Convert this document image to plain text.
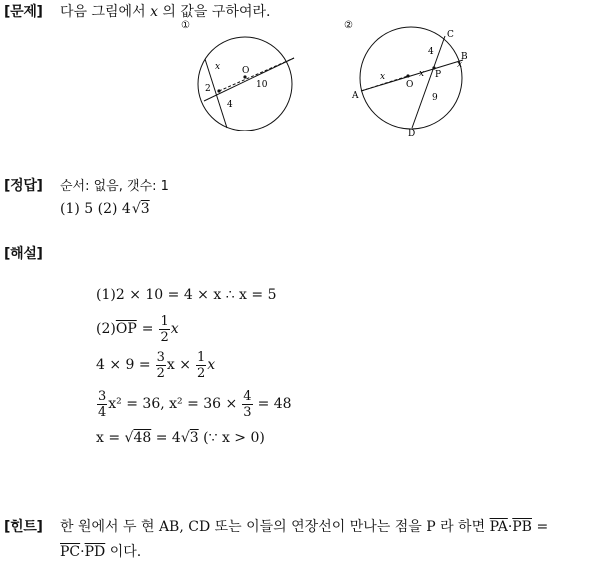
[문제] 다음 그림에서 x 의 값을 구하여라.
①
x O
2	10
4
②
C
B
A
D
O
P
4
9
x	x
x
[정답] 순서: 없음, 갯수: 1
(1) 5 (2) 4√3
[해설]
(1)2 × 10 = 4 × x ∴ x = 5
(2) $\overline{OP} = \frac{1}{2}$ x
$4 \times 9 = \frac{3}{2}$ $x \times \frac{1}{2}$ x
$\frac{3}{4} x^2 = 36$, $x^2 = 36 \times \frac{4}{3} = 48$
x = √48 = 4√3 (∵ x > 0)
[힌트] 한 원에서 두 현 AB, CD 또는 이들의 연장선이 만나는 점을 P 라 하면 $\overline{PA}\cdot\overline{PB}$ =
$\overline{PC}\cdot\overline{PD}$ 이다.
